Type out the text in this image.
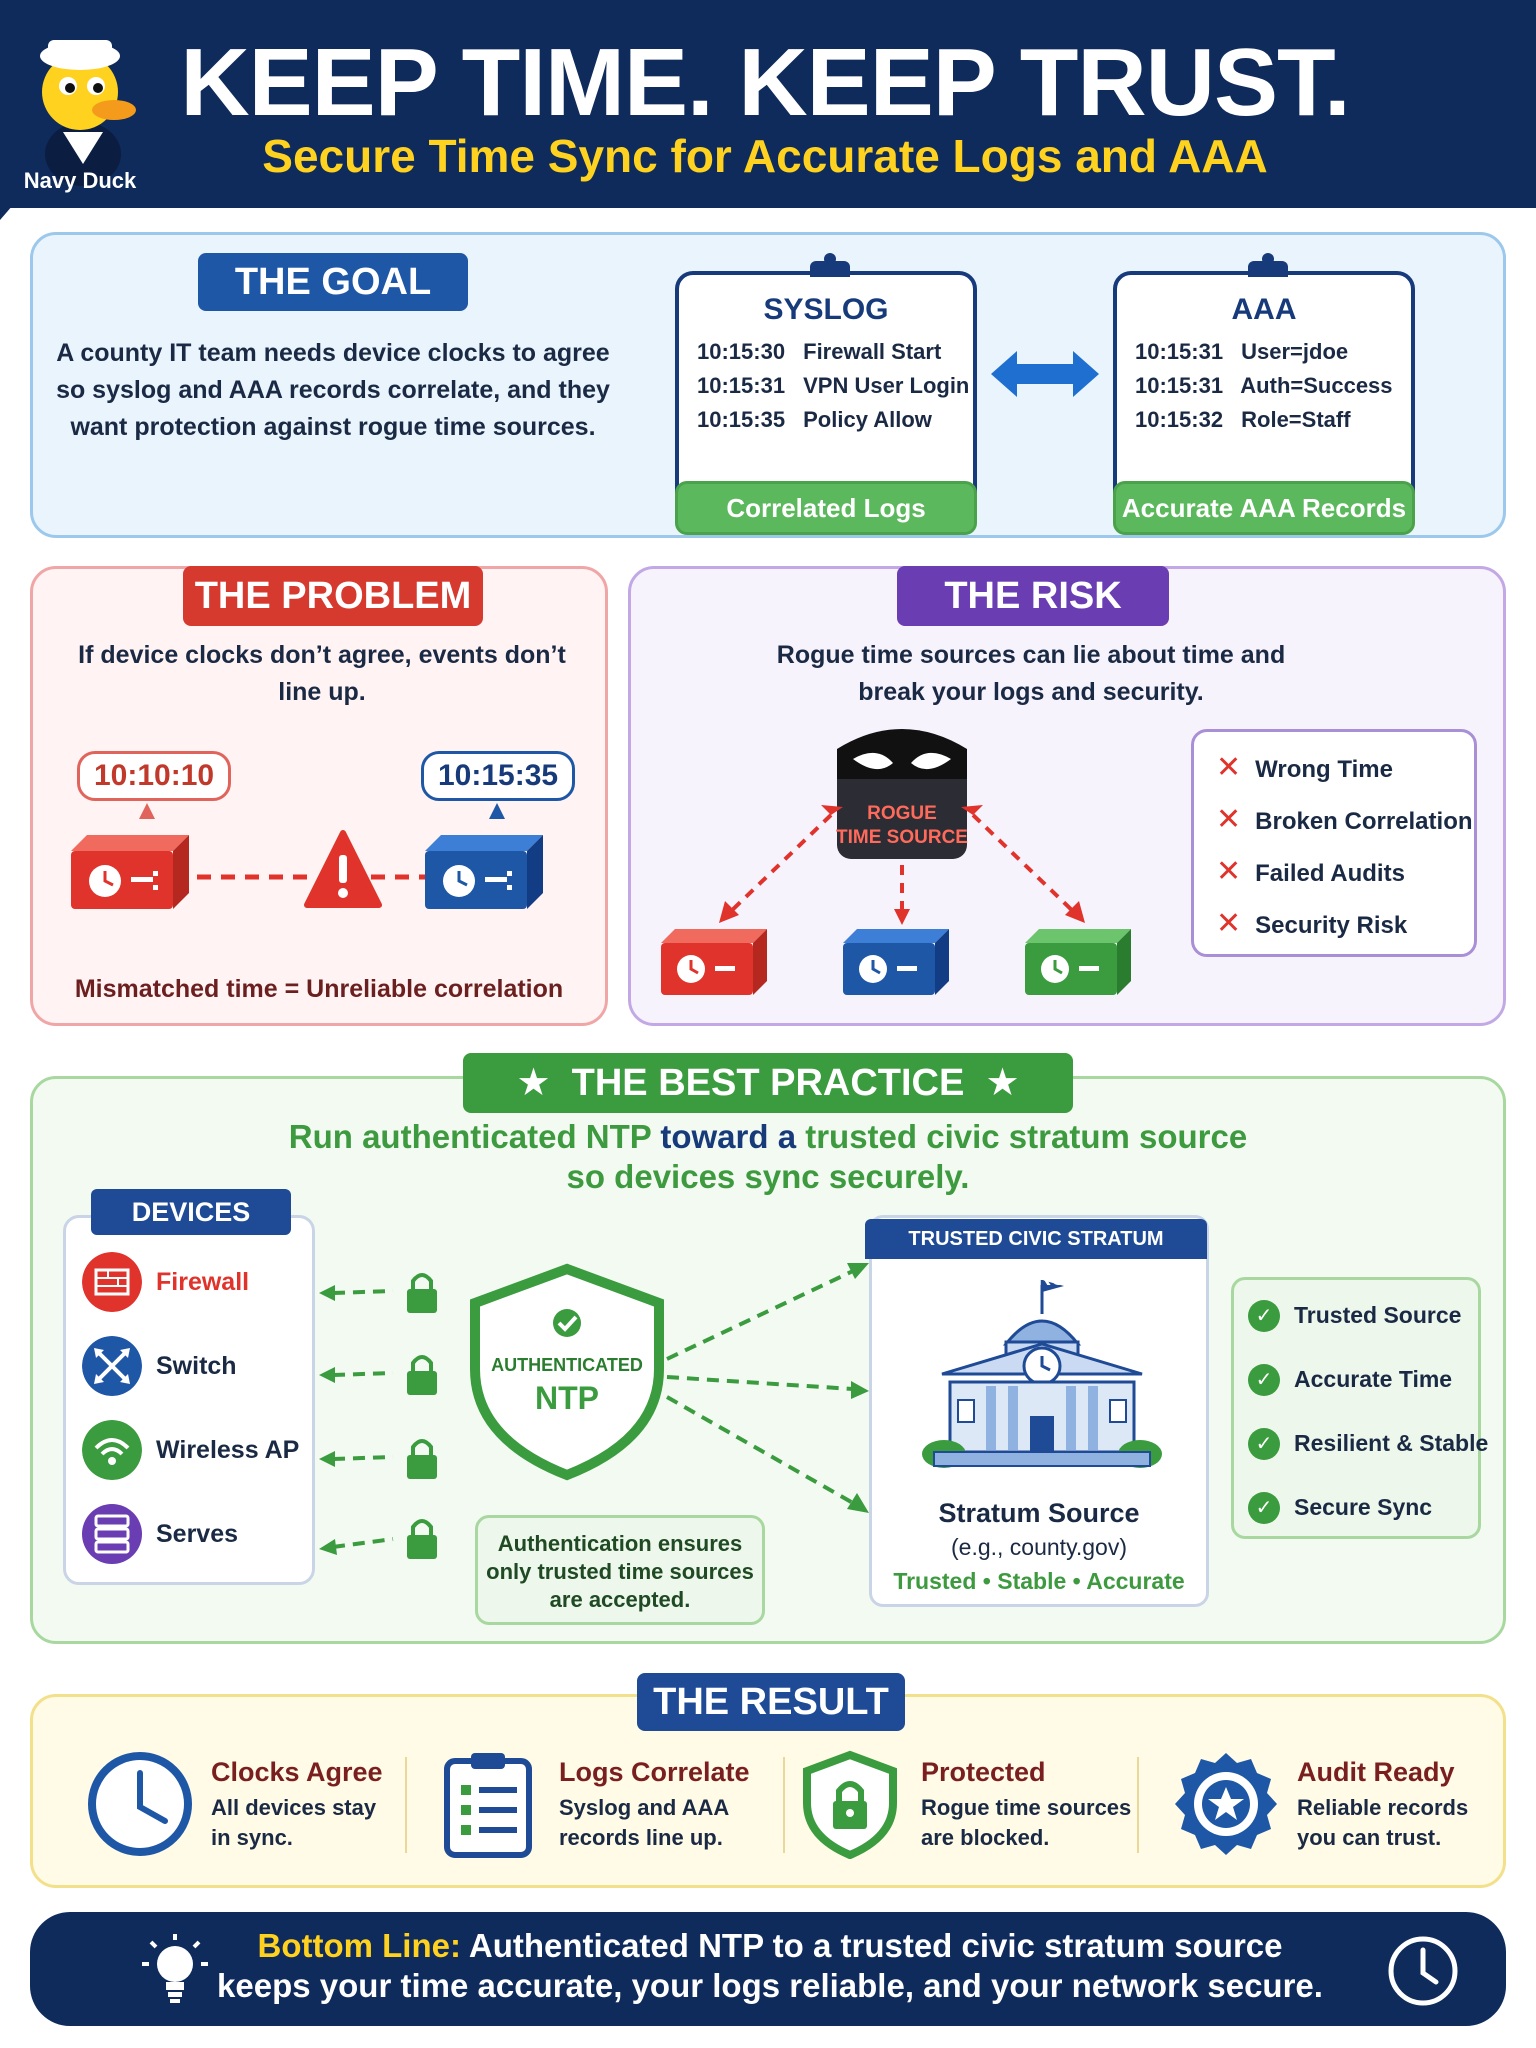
Navy Duck
KEEP TIME. KEEP TRUST.
Secure Time Sync for Accurate Logs and AAA
THE GOAL
A county IT team needs device clocks to agree so syslog and AAA records correlate, and they want protection against rogue time sources.
SYSLOG
10:15:30 Firewall Start
10:15:31 VPN User Login
10:15:35 Policy Allow
Correlated Logs
AAA
10:15:31 User=jdoe
10:15:31 Auth=Success
10:15:32 Role=Staff
Accurate AAA Records
THE PROBLEM
If device clocks don’t agree, events don’t line up.
10:10:10	10:15:35
Mismatched time = Unreliable correlation
THE RISK
Rogue time sources can lie about time and break your logs and security.
ROGUE
TIME SOURCE
✕ Wrong Time
✕ Broken Correlation
✕ Failed Audits
✕ Security Risk
★ THE BEST PRACTICE ★
Run authenticated NTP toward a trusted civic stratum source
so devices sync securely.
Firewall
Switch
Wireless AP
Serves
DEVICES
AUTHENTICATED
NTP
Authentication ensures only trusted time sources are accepted.
Stratum Source
(e.g., county.gov)
Trusted • Stable • Accurate
TRUSTED CIVIC STRATUM SOURCE
✓ Trusted Source
✓ Accurate Time
✓ Resilient & Stable
✓ Secure Sync
THE RESULT
Clocks Agree
All devices stay in sync.
Logs Correlate
Syslog and AAA records line up.
Protected
Rogue time sources are blocked.
Audit Ready
Reliable records you can trust.
Bottom Line: Authenticated NTP to a trusted civic stratum source
keeps your time accurate, your logs reliable, and your network secure.
